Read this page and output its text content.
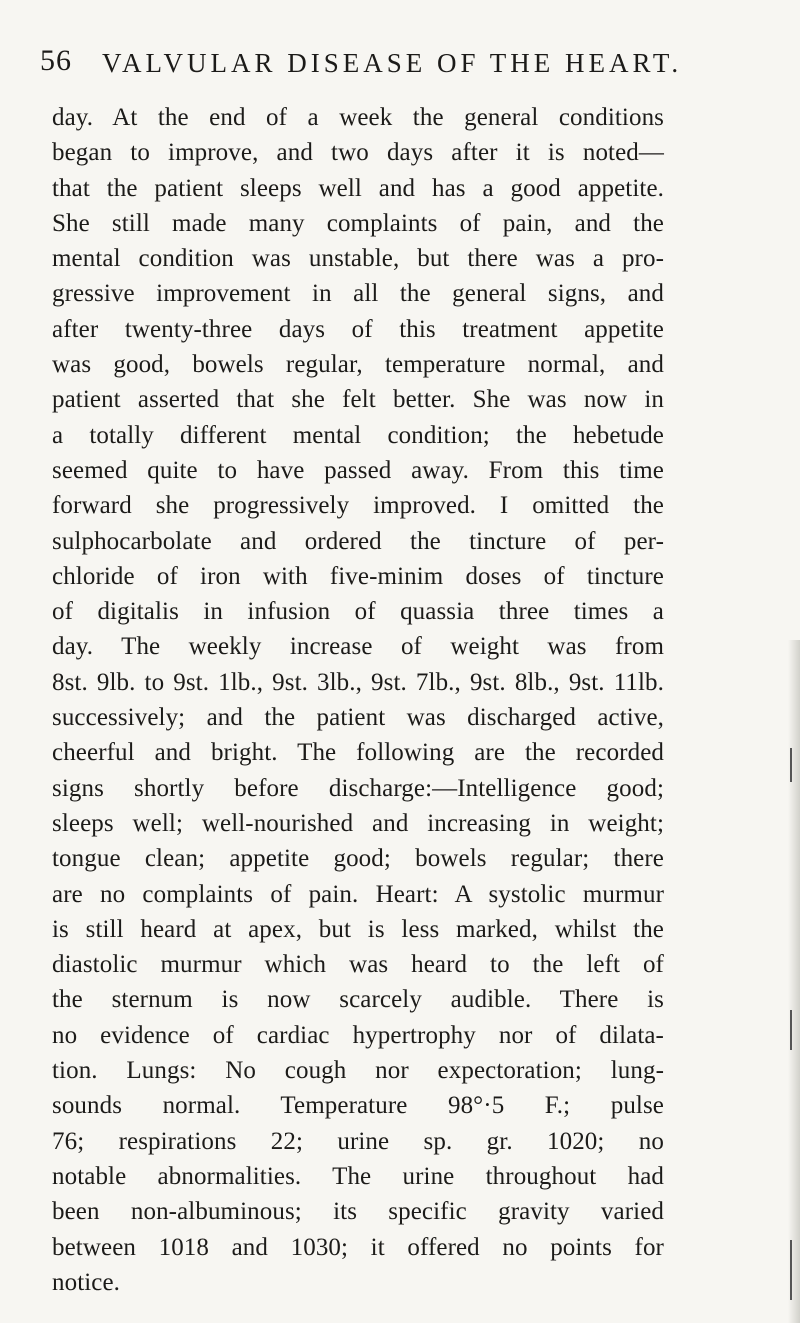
56 VALVULAR DISEASE OF THE HEART.
day. At the end of a week the general conditions
began to improve, and two days after it is noted—
that the patient sleeps well and has a good appetite.
She still made many complaints of pain, and the
mental condition was unstable, but there was a pro-
gressive improvement in all the general signs, and
after twenty-three days of this treatment appetite
was good, bowels regular, temperature normal, and
patient asserted that she felt better. She was now in
a totally different mental condition; the hebetude
seemed quite to have passed away. From this time
forward she progressively improved. I omitted the
sulphocarbolate and ordered the tincture of per-
chloride of iron with five-minim doses of tincture
of digitalis in infusion of quassia three times a
day. The weekly increase of weight was from
8st. 9lb. to 9st. 1lb., 9st. 3lb., 9st. 7lb., 9st. 8lb., 9st. 11lb.
successively; and the patient was discharged active,
cheerful and bright. The following are the recorded
signs shortly before discharge:—Intelligence good;
sleeps well; well-nourished and increasing in weight;
tongue clean; appetite good; bowels regular; there
are no complaints of pain. Heart: A systolic murmur
is still heard at apex, but is less marked, whilst the
diastolic murmur which was heard to the left of
the sternum is now scarcely audible. There is
no evidence of cardiac hypertrophy nor of dilata-
tion. Lungs: No cough nor expectoration; lung-
sounds normal. Temperature 98°·5 F.; pulse
76; respirations 22; urine sp. gr. 1020; no
notable abnormalities. The urine throughout had
been non-albuminous; its specific gravity varied
between 1018 and 1030; it offered no points for
notice.
